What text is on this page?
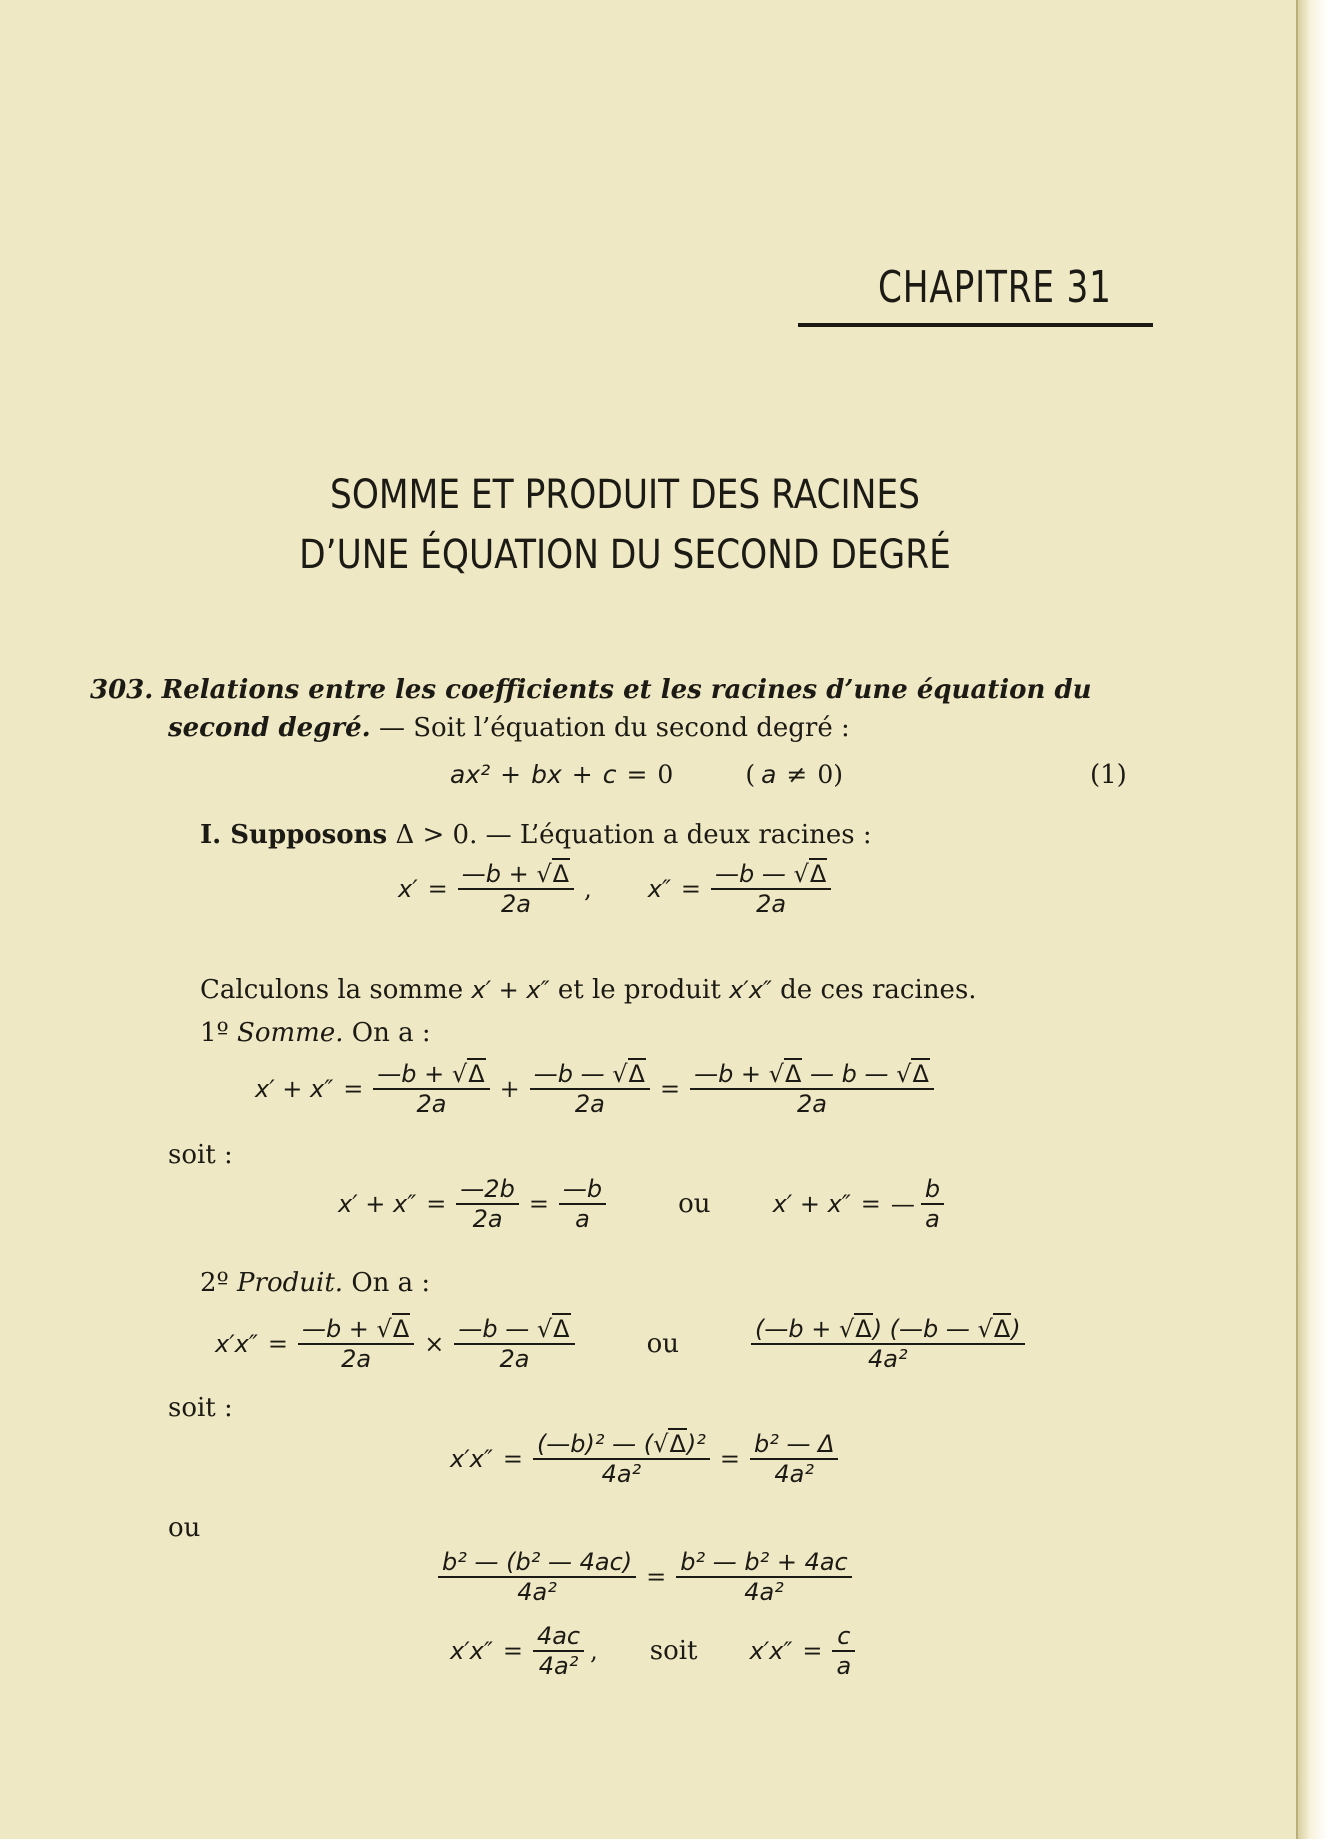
CHAPITRE 31
SOMME ET PRODUIT DES RACINES
D’UNE ÉQUATION DU SECOND DEGRÉ
303. Relations entre les coefficients et les racines d’une équation du
second degré. — Soit l’équation du second degré :
ax² + bx + c = 0	( a ≠ 0)	(1)
I. Supposons Δ > 0. — L’équation a deux racines :
$x' = \frac{—b + √\Delta}{2a}$ , $x'' = \frac{—b — √\Delta}{2a}$
Calculons la somme x′ + x″ et le produit x′x″ de ces racines.
1º Somme. On a :
$x' + x'' = \frac{—b + √\Delta}{2a} + \frac{—b — √\Delta}{2a} = \frac{—b + √\Delta — b — √\Delta}{2a}$
soit :
$x' + x'' = \frac{—2b}{2a} = \frac{—b}{a}$	ou	x′ + x″ = — $\frac{b}{a}$
2º Produit. On a :
$x'x'' = \frac{—b + √\Delta}{2a} \times \frac{—b — √\Delta}{2a}$	ou	$\frac{(—b + √\Delta) (—b — √\Delta)}{\text{4a²}}$
soit :
$x'x'' = \frac{\text{(—b)² — (√Δ)²}}{\text{4a²}} = \frac{\text{b² — Δ}}{\text{4a²}}$
ou
$\frac{\text{b² — (b² — 4ac)}}{\text{4a²}} = \frac{\text{b² — b² + 4ac}}{\text{4a²}}$
$x'x'' = \frac{4ac}{\text{4a²}}$ , soit $x'x'' = \frac{c}{a}$
